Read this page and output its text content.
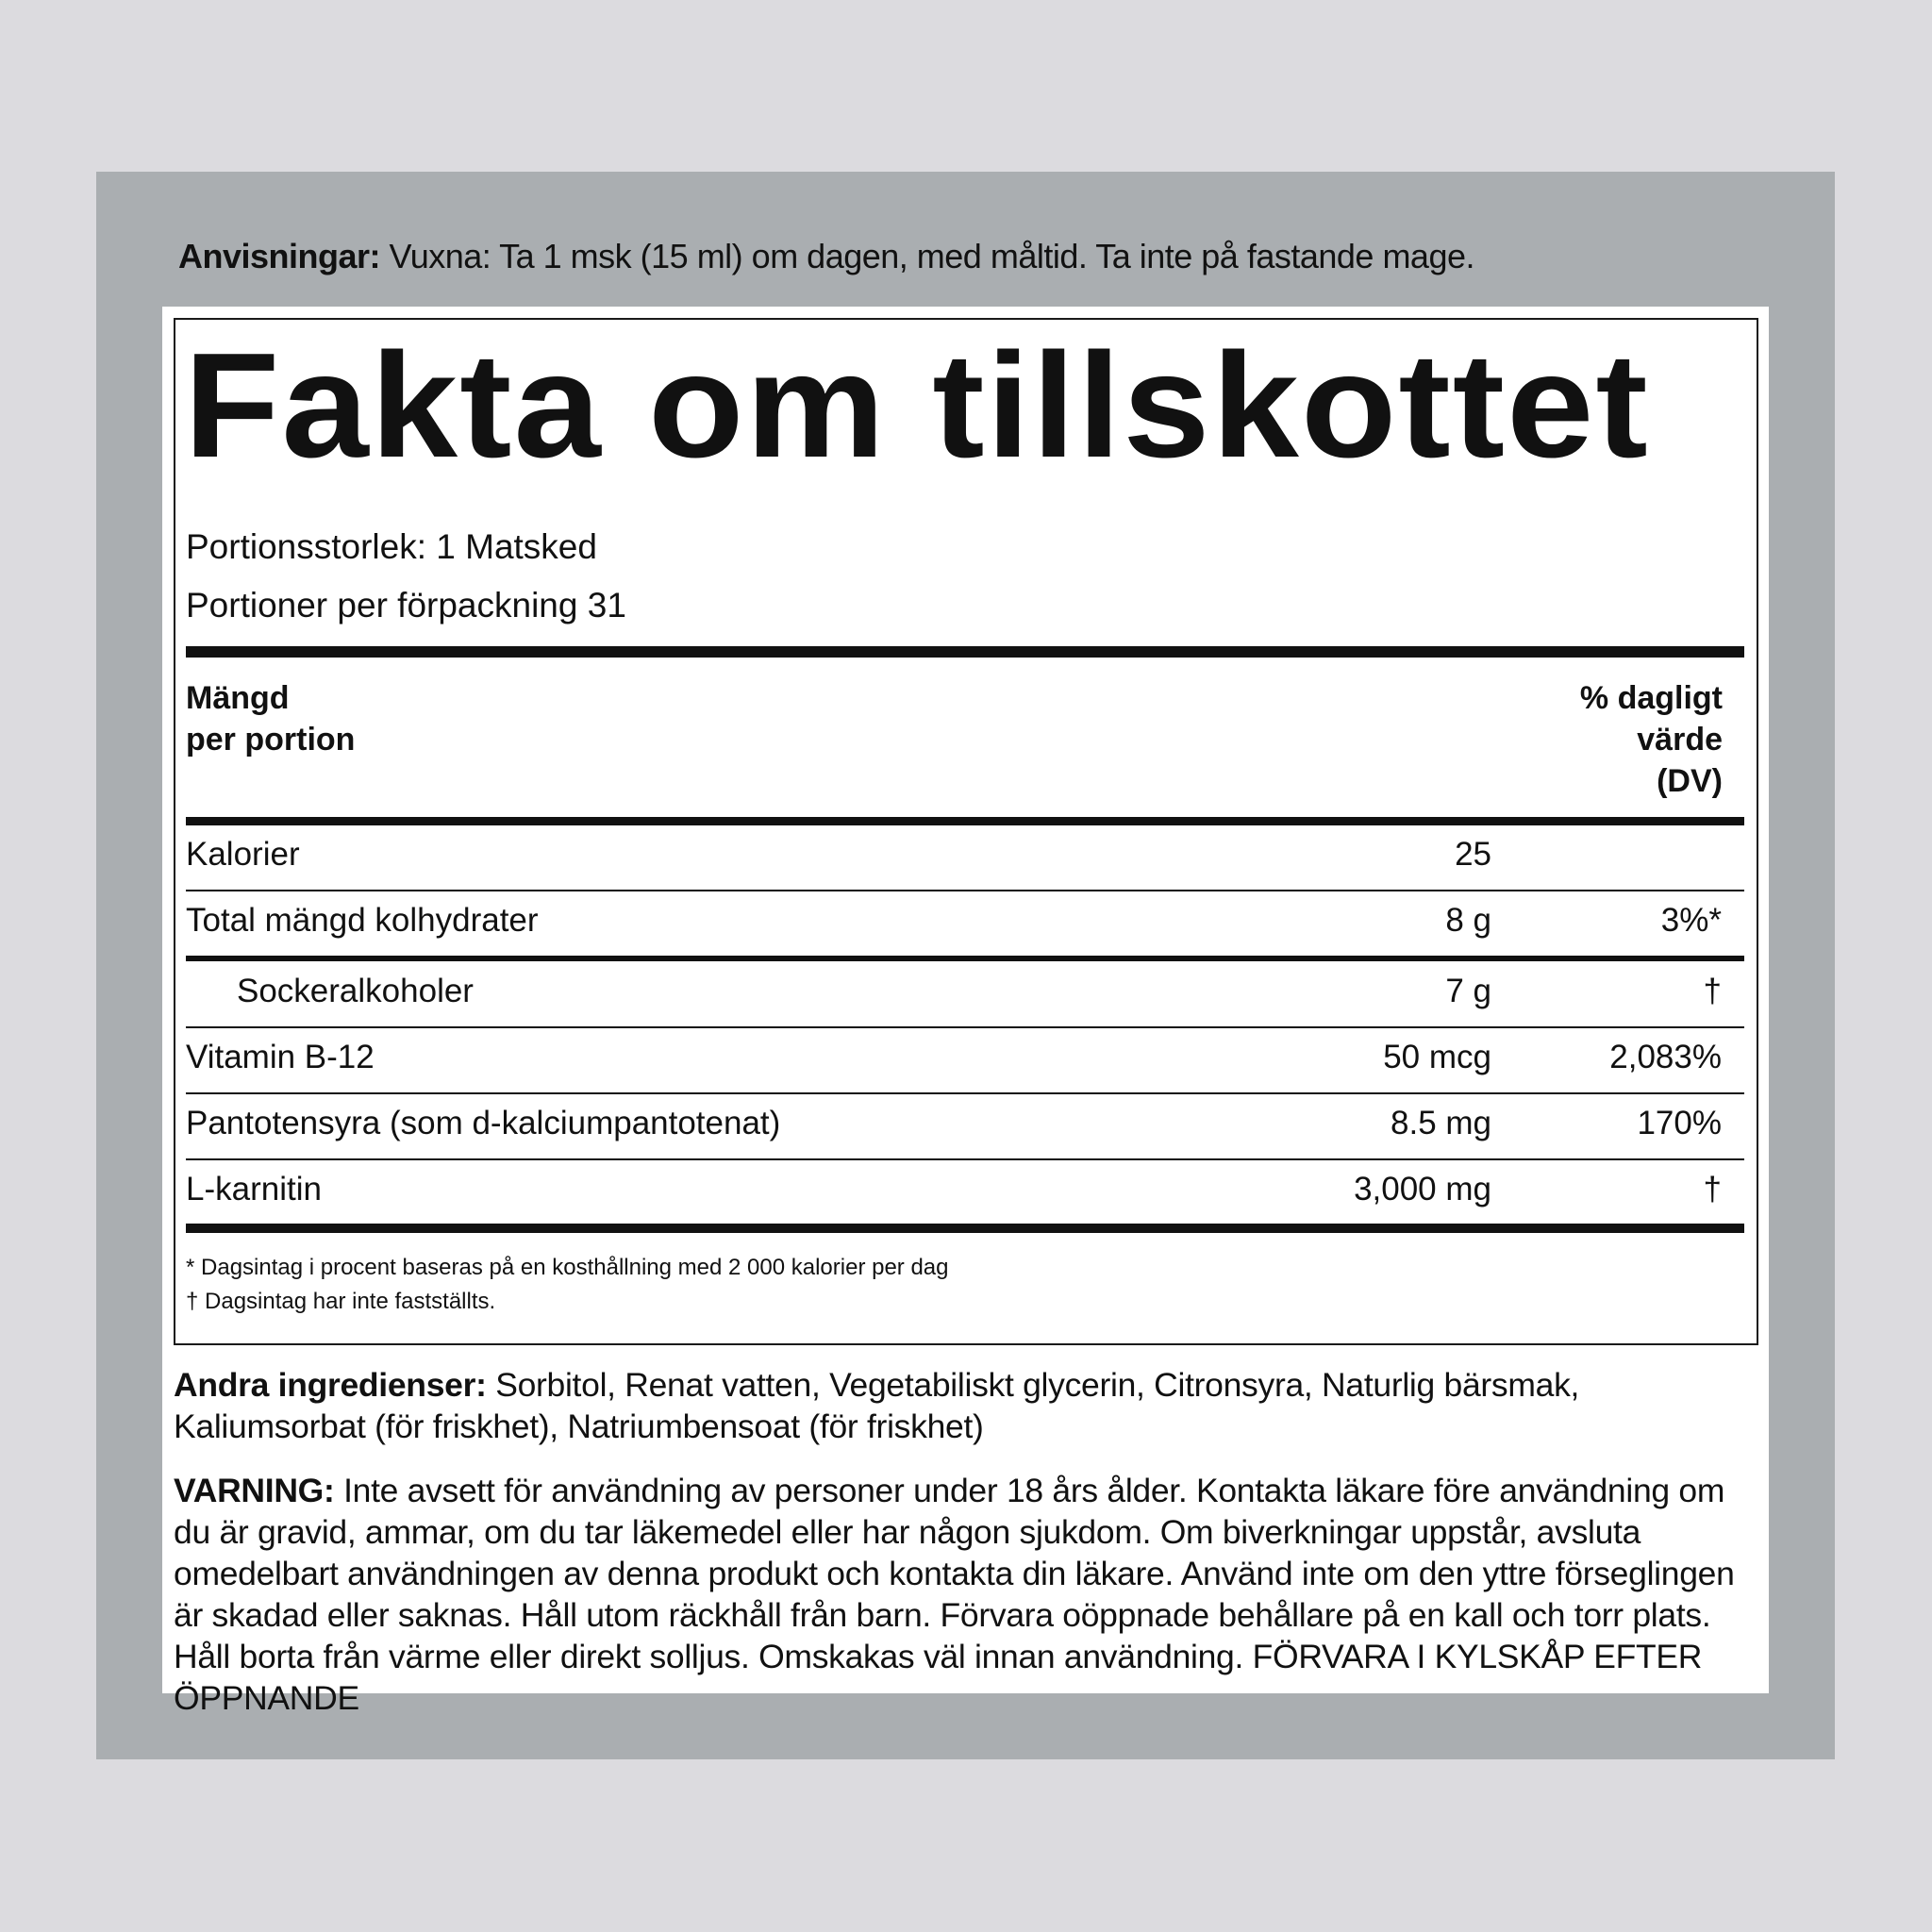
Anvisningar: Vuxna: Ta 1 msk (15 ml) om dagen, med måltid. Ta inte på fastande mage.
Fakta om tillskottet
Portionsstorlek: 1 Matsked
Portioner per förpackning 31
Mängd
per portion
% dagligt
värde
(DV)
Kalorier	25
Total mängd kolhydrater	8 g	3%*
Sockeralkoholer	7 g	†
Vitamin B-12	50 mcg	2,083%
Pantotensyra (som d-kalciumpantotenat)	8.5 mg	170%
L-karnitin	3,000 mg	†
* Dagsintag i procent baseras på en kosthållning med 2 000 kalorier per dag
† Dagsintag har inte fastställts.
Andra ingredienser: Sorbitol, Renat vatten, Vegetabiliskt glycerin, Citronsyra, Naturlig bärsmak, Kaliumsorbat (för friskhet), Natriumbensoat (för friskhet)
VARNING: Inte avsett för användning av personer under 18 års ålder. Kontakta läkare före användning om du är gravid, ammar, om du tar läkemedel eller har någon sjukdom. Om biverkningar uppstår, avsluta omedelbart användningen av denna produkt och kontakta din läkare. Använd inte om den yttre förseglingen är skadad eller saknas. Håll utom räckhåll från barn. Förvara oöppnade behållare på en kall och torr plats. Håll borta från värme eller direkt solljus. Omskakas väl innan användning. FÖRVARA I KYLSKÅP EFTER ÖPPNANDE
